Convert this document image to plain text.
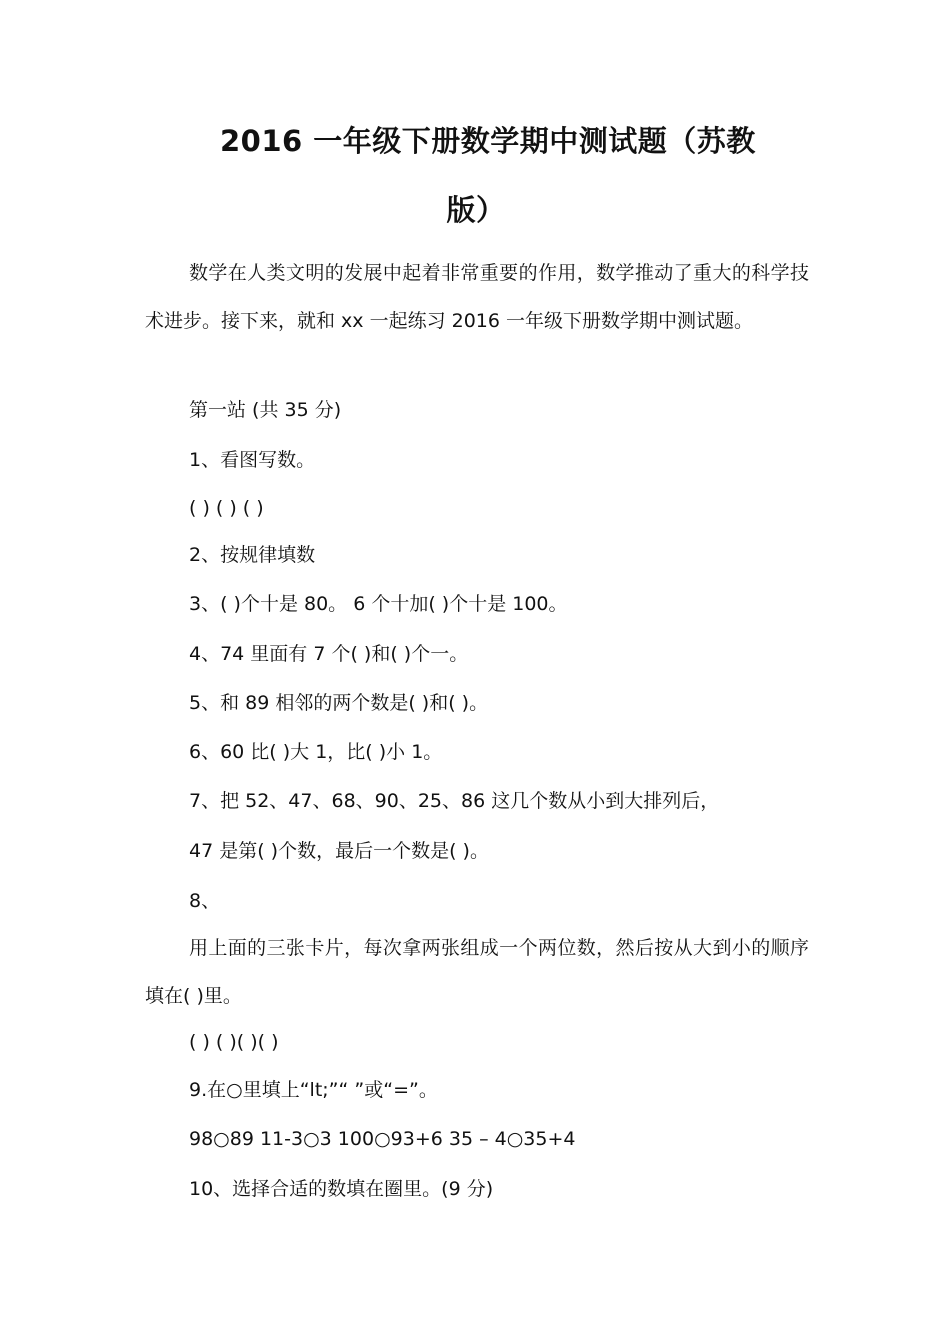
2016 一年级下册数学期中测试题（苏教
版）

数学在人类文明的发展中起着非常重要的作用，数学推动了重大的科学技术进步。接下来，就和 xx 一起练习 2016 一年级下册数学期中测试题。

第一站 (共 35 分)

1、看图写数。

( ) ( ) ( )

2、按规律填数

3、( )个十是 80。 6 个十加( )个十是 100。

4、74 里面有 7 个( )和( )个一。

5、和 89 相邻的两个数是( )和( )。

6、60 比( )大 1，比( )小 1。

7、把 52、47、68、90、25、86 这几个数从小到大排列后，

47 是第( )个数，最后一个数是( )。

8、

用上面的三张卡片，每次拿两张组成一个两位数，然后按从大到小的顺序填在( )里。

( ) ( )( )( )

9.在○里填上“lt;”“ ”或“=”。

98○89 11-3○3 100○93+6 35 – 4○35+4

10、选择合适的数填在圈里。(9 分)
